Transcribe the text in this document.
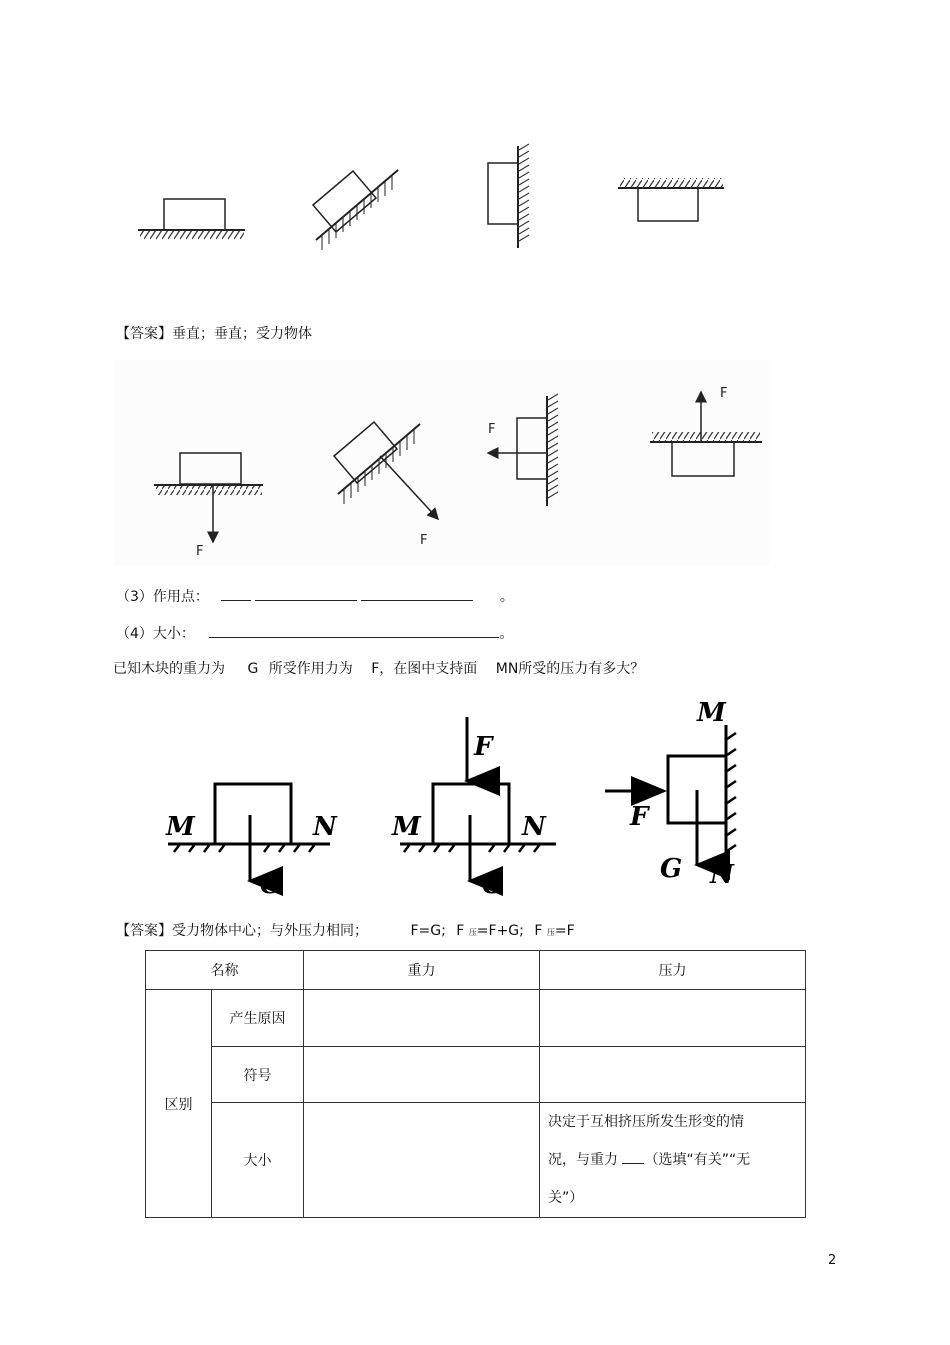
【答案】垂直；垂直；受力物体
F
F
F
F
（3）作用点：	。
（4）大小：	。
已知木块的重力为 G 所受作用力为 F，在图中支持面 MN所受的压力有多大？
M	N
G
F
M	N
G
M
F
G N
【答案】受力物体中心；与外压力相同；	F=G; F 压=F+G; F 压=F
名称		重力	压力
区别	产生原因		
	符号		
	大小		决定于互相挤压所发生形变的情
况，与重力 （选填“有关”“无
关”）
2
